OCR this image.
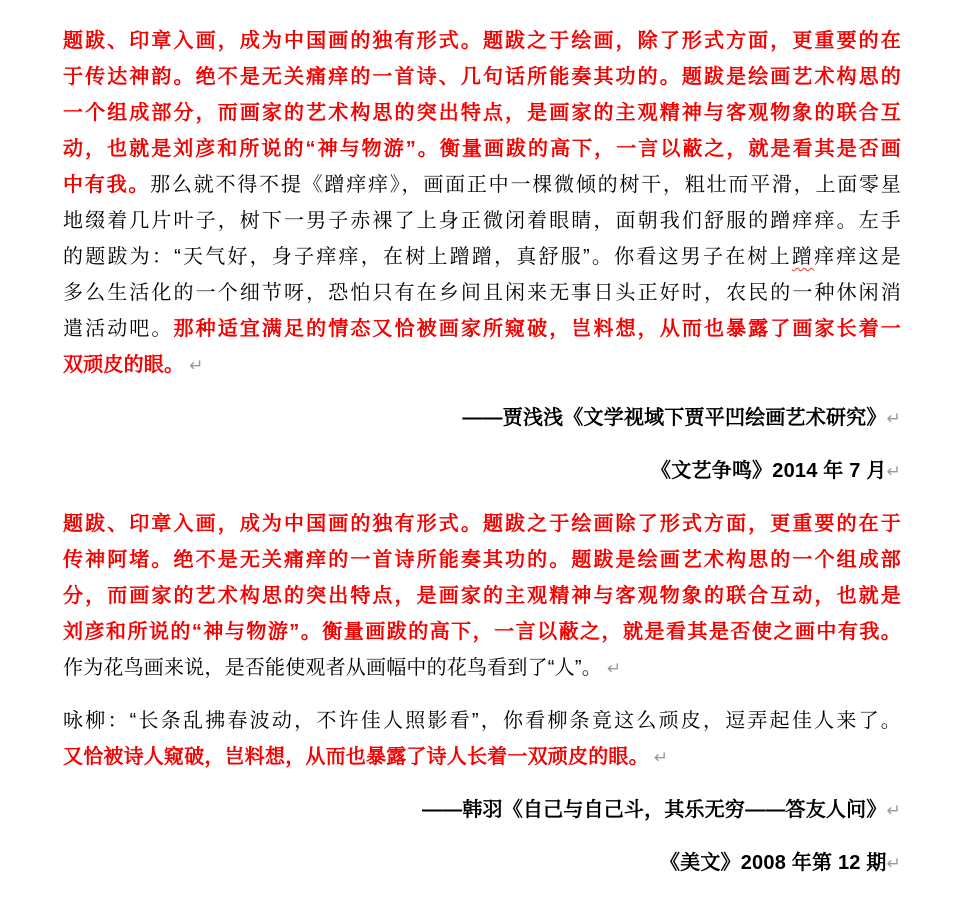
题跋、印章入画，成为中国画的独有形式。题跋之于绘画，除了形式方面，更重要的在
于传达神韵。绝不是无关痛痒的一首诗、几句话所能奏其功的。题跋是绘画艺术构思的
一个组成部分，而画家的艺术构思的突出特点，是画家的主观精神与客观物象的联合互
动，也就是刘彦和所说的“神与物游”。衡量画跋的高下，一言以蔽之，就是看其是否画
中有我。那么就不得不提《蹭痒痒》，画面正中一棵微倾的树干，粗壮而平滑，上面零星
地缀着几片叶子，树下一男子赤裸了上身正微闭着眼睛，面朝我们舒服的蹭痒痒。左手
的题跋为：“天气好，身子痒痒，在树上蹭蹭，真舒服”。你看这男子在树上蹭痒痒这是
多么生活化的一个细节呀，恐怕只有在乡间且闲来无事日头正好时，农民的一种休闲消
遣活动吧。那种适宜满足的情态又恰被画家所窥破，岂料想，从而也暴露了画家长着一
双顽皮的眼。 ↵
——贾浅浅《文学视域下贾平凹绘画艺术研究》↵
《文艺争鸣》2014 年 7 月↵
题跋、印章入画，成为中国画的独有形式。题跋之于绘画除了形式方面，更重要的在于
传神阿堵。绝不是无关痛痒的一首诗所能奏其功的。题跋是绘画艺术构思的一个组成部
分，而画家的艺术构思的突出特点，是画家的主观精神与客观物象的联合互动，也就是
刘彦和所说的“神与物游”。衡量画跋的高下，一言以蔽之，就是看其是否使之画中有我。
作为花鸟画来说，是否能使观者从画幅中的花鸟看到了“人”。 ↵
咏柳：“长条乱拂春波动，不许佳人照影看”，你看柳条竟这么顽皮，逗弄起佳人来了。
又恰被诗人窥破，岂料想，从而也暴露了诗人长着一双顽皮的眼。 ↵
——韩羽《自己与自己斗，其乐无穷——答友人问》↵
《美文》2008 年第 12 期↵
